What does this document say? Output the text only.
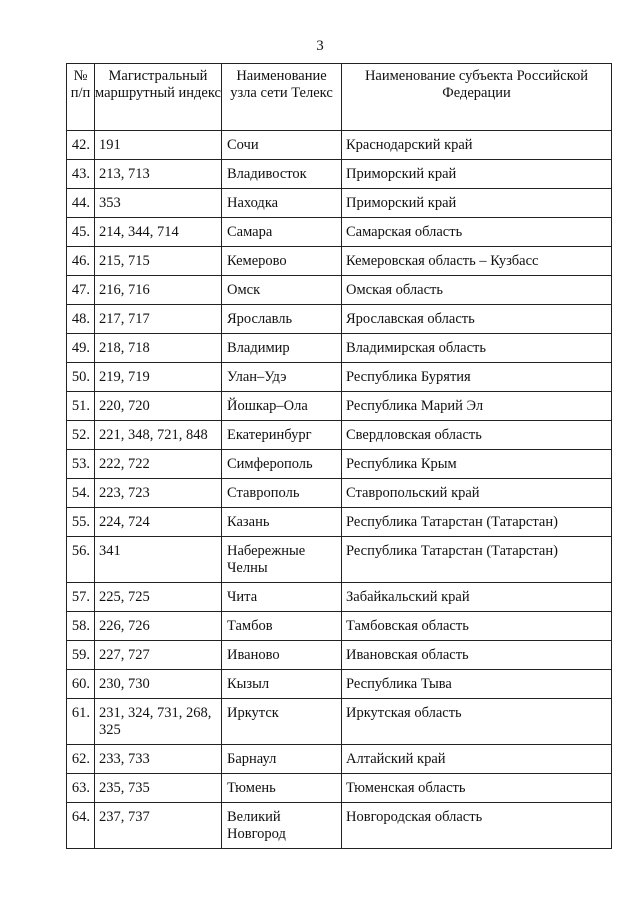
3
№ п/п	Магистральный маршрутный индекс	Наименование узла сети Телекс	Наименование субъекта Российской Федерации
42.	191	Сочи	Краснодарский край
43.	213, 713	Владивосток	Приморский край
44.	353	Находка	Приморский край
45.	214, 344, 714	Самара	Самарская область
46.	215, 715	Кемерово	Кемеровская область – Кузбасс
47.	216, 716	Омск	Омская область
48.	217, 717	Ярославль	Ярославская область
49.	218, 718	Владимир	Владимирская область
50.	219, 719	Улан–Удэ	Республика Бурятия
51.	220, 720	Йошкар–Ола	Республика Марий Эл
52.	221, 348, 721, 848	Екатеринбург	Свердловская область
53.	222, 722	Симферополь	Республика Крым
54.	223, 723	Ставрополь	Ставропольский край
55.	224, 724	Казань	Республика Татарстан (Татарстан)
56.	341	Набережные Челны	Республика Татарстан (Татарстан)
57.	225, 725	Чита	Забайкальский край
58.	226, 726	Тамбов	Тамбовская область
59.	227, 727	Иваново	Ивановская область
60.	230, 730	Кызыл	Республика Тыва
61.	231, 324, 731, 268, 325	Иркутск	Иркутская область
62.	233, 733	Барнаул	Алтайский край
63.	235, 735	Тюмень	Тюменская область
64.	237, 737	Великий Новгород	Новгородская область
